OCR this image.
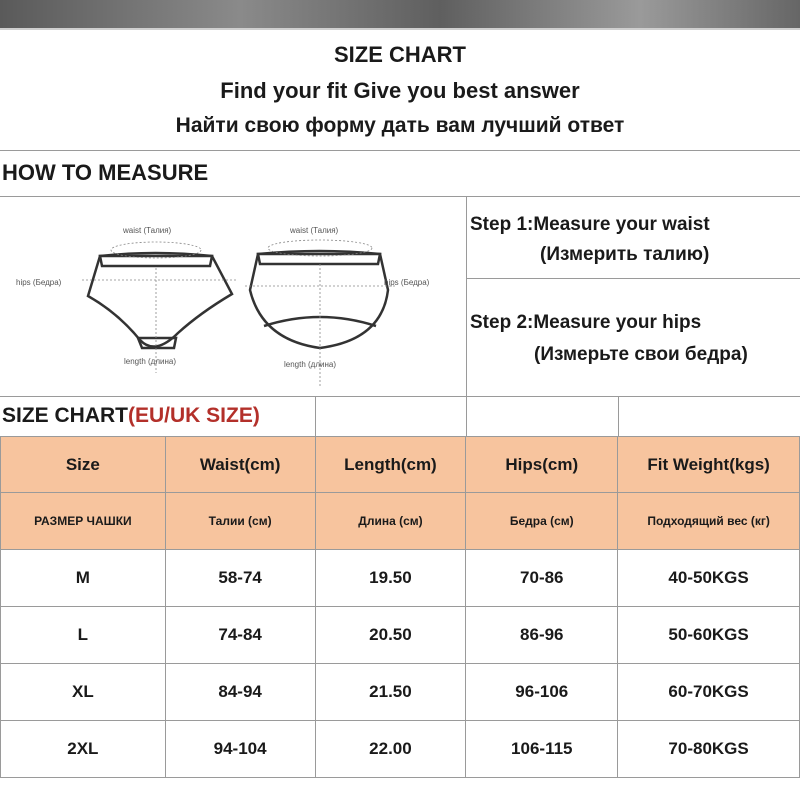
SIZE CHART
Find your fit Give you best answer
Найти свою форму дать вам лучший ответ
HOW TO MEASURE
waist (Талия)
hips (Бедра)
length (длина)
waist (Талия)
hips (Бедра)
length (длина)
Step 1:Measure your waist
(Измерить талию)
Step 2:Measure your hips
(Измерьте свои бедра)
SIZE CHART(EU/UK SIZE)
Size	Waist(cm)	Length(cm)	Hips(cm)	Fit Weight(kgs)
РАЗМЕР ЧАШКИ	Талии (см)	Длина (см)	Бедра (см)	Подходящий вес (кг)
M	58-74	19.50	70-86	40-50KGS
L	74-84	20.50	86-96	50-60KGS
XL	84-94	21.50	96-106	60-70KGS
2XL	94-104	22.00	106-115	70-80KGS
